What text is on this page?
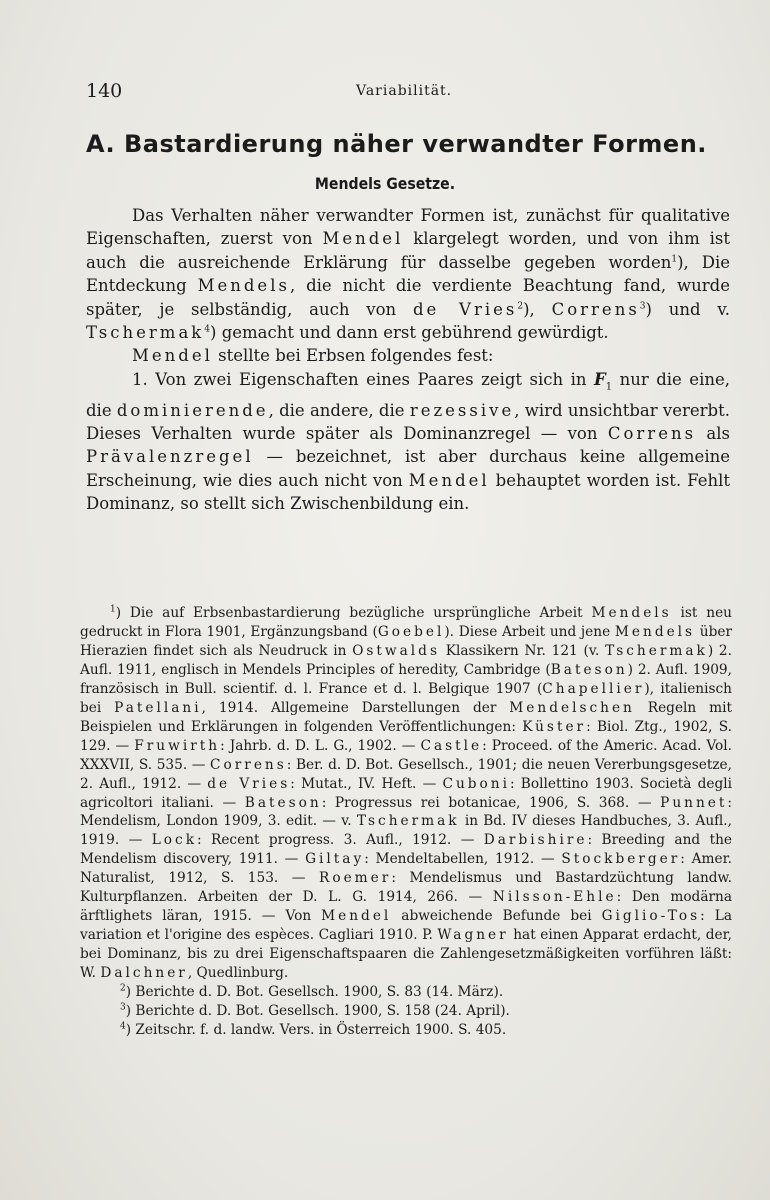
140	Variabilität.
A. Bastardierung näher verwandter Formen.
Mendels Gesetze.

Das Verhalten näher verwandter Formen ist, zunächst für qualitative Eigenschaften, zuerst von Mendel klargelegt worden, und von ihm ist auch die ausreichende Erklärung für dasselbe gegeben worden$^1$), Die Entdeckung Mendels, die nicht die verdiente Beachtung fand, wurde später, je selbständig, auch von de Vries$^2$), Correns$^3$) und v. Tschermak$^4$) gemacht und dann erst gebührend gewürdigt.

Mendel stellte bei Erbsen folgendes fest:

1. Von zwei Eigenschaften eines Paares zeigt sich in $F_1$ nur die eine, die dominierende, die andere, die rezessive, wird unsichtbar vererbt. Dieses Verhalten wurde später als Dominanzregel — von Correns als Prävalenzregel — bezeichnet, ist aber durchaus keine allgemeine Erscheinung, wie dies auch nicht von Mendel behauptet worden ist. Fehlt Dominanz, so stellt sich Zwischenbildung ein.

$^1$) Die auf Erbsenbastardierung bezügliche ursprüngliche Arbeit Mendels ist neu gedruckt in Flora 1901, Ergänzungsband (Goebel). Diese Arbeit und jene Mendels über Hierazien findet sich als Neudruck in Ostwalds Klassikern Nr. 121 (v. Tschermak) 2. Aufl. 1911, englisch in Mendels Principles of heredity, Cambridge (Bateson) 2. Aufl. 1909, französisch in Bull. scientif. d. l. France et d. l. Belgique 1907 (Chapellier), italienisch bei Patellani, 1914. Allgemeine Darstellungen der Mendelschen Regeln mit Beispielen und Erklärungen in folgenden Veröffentlichungen: Küster: Biol. Ztg., 1902, S. 129. — Fruwirth: Jahrb. d. D. L. G., 1902. — Castle: Proceed. of the Americ. Acad. Vol. XXXVII, S. 535. — Correns: Ber. d. D. Bot. Gesellsch., 1901; die neuen Vererbungsgesetze, 2. Aufl., 1912. — de Vries: Mutat., IV. Heft. — Cuboni: Bollettino 1903. Società degli agricoltori italiani. — Bateson: Progressus rei botanicae, 1906, S. 368. — Punnet: Mendelism, London 1909, 3. edit. — v. Tschermak in Bd. IV dieses Handbuches, 3. Aufl., 1919. — Lock: Recent progress. 3. Aufl., 1912. — Darbishire: Breeding and the Mendelism discovery, 1911. — Giltay: Mendeltabellen, 1912. — Stockberger: Amer. Naturalist, 1912, S. 153. — Roemer: Mendelismus und Bastardzüchtung landw. Kulturpflanzen. Arbeiten der D. L. G. 1914, 266. — Nilsson-Ehle: Den modärna ärftlighets läran, 1915. — Von Mendel abweichende Befunde bei Giglio-Tos: La variation et l'origine des espèces. Cagliari 1910. P. Wagner hat einen Apparat erdacht, der, bei Dominanz, bis zu drei Eigenschaftspaaren die Zahlengesetzmäßigkeiten vorführen läßt: W. Dalchner, Quedlinburg.

$^2$) Berichte d. D. Bot. Gesellsch. 1900, S. 83 (14. März).

$^3$) Berichte d. D. Bot. Gesellsch. 1900, S. 158 (24. April).

$^4$) Zeitschr. f. d. landw. Vers. in Österreich 1900. S. 405.
